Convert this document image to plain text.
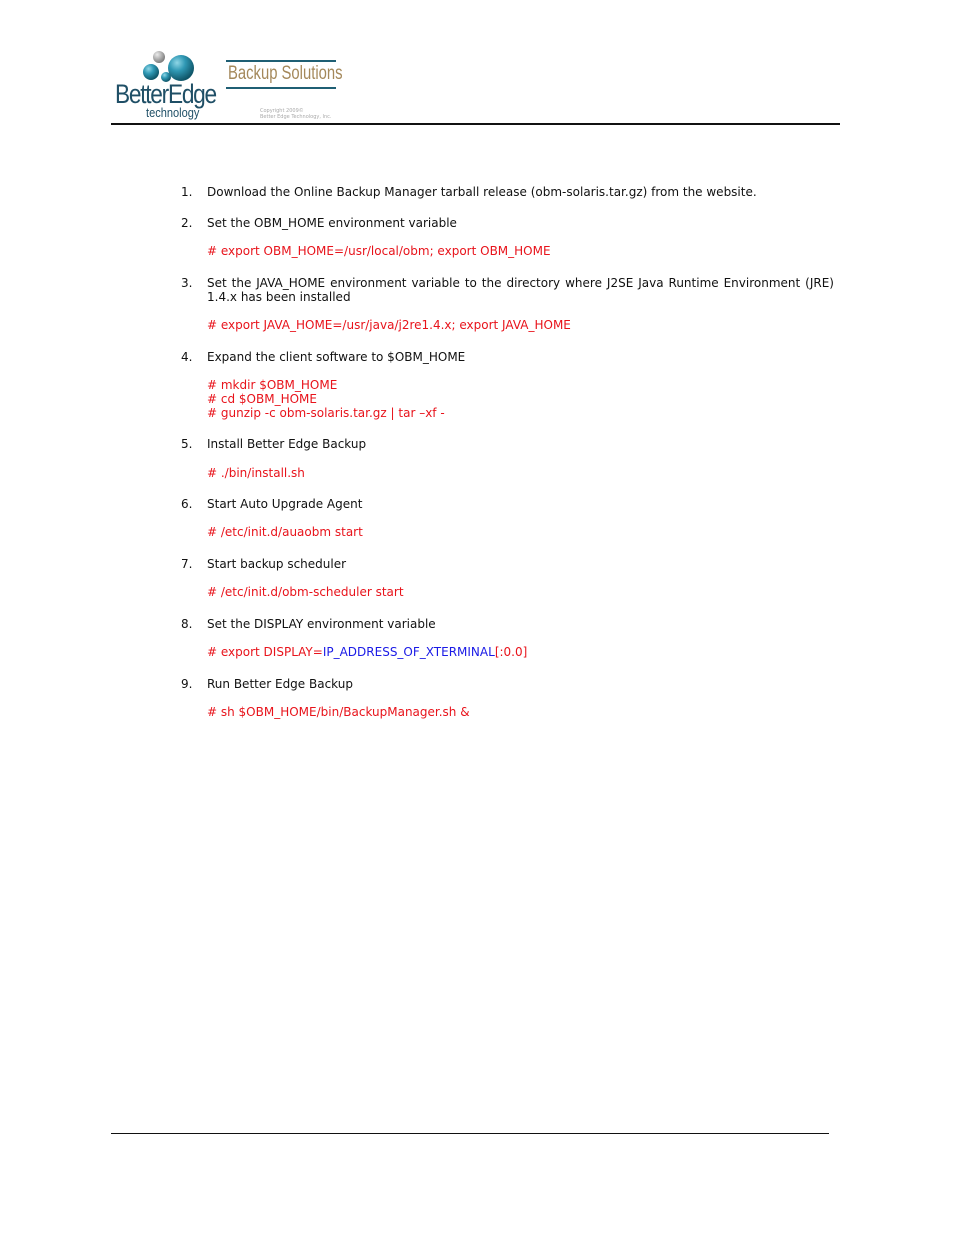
BetterEdge
technology
Backup Solutions
Copyright 2009©
Better Edge Technology, Inc.
1. Download the Online Backup Manager tarball release (obm-solaris.tar.gz) from the website.
2. Set the OBM_HOME environment variable
# export OBM_HOME=/usr/local/obm; export OBM_HOME
3. Set the JAVA_HOME environment variable to the directory where J2SE Java Runtime Environment (JRE) 1.4.x has been installed
# export JAVA_HOME=/usr/java/j2re1.4.x; export JAVA_HOME
4. Expand the client software to $OBM_HOME
# mkdir $OBM_HOME
# cd $OBM_HOME
# gunzip -c obm-solaris.tar.gz | tar –xf -
5. Install Better Edge Backup
# ./bin/install.sh
6. Start Auto Upgrade Agent
# /etc/init.d/auaobm start
7. Start backup scheduler
# /etc/init.d/obm-scheduler start
8. Set the DISPLAY environment variable
# export DISPLAY=IP_ADDRESS_OF_XTERMINAL[:0.0]
9. Run Better Edge Backup
# sh $OBM_HOME/bin/BackupManager.sh &
